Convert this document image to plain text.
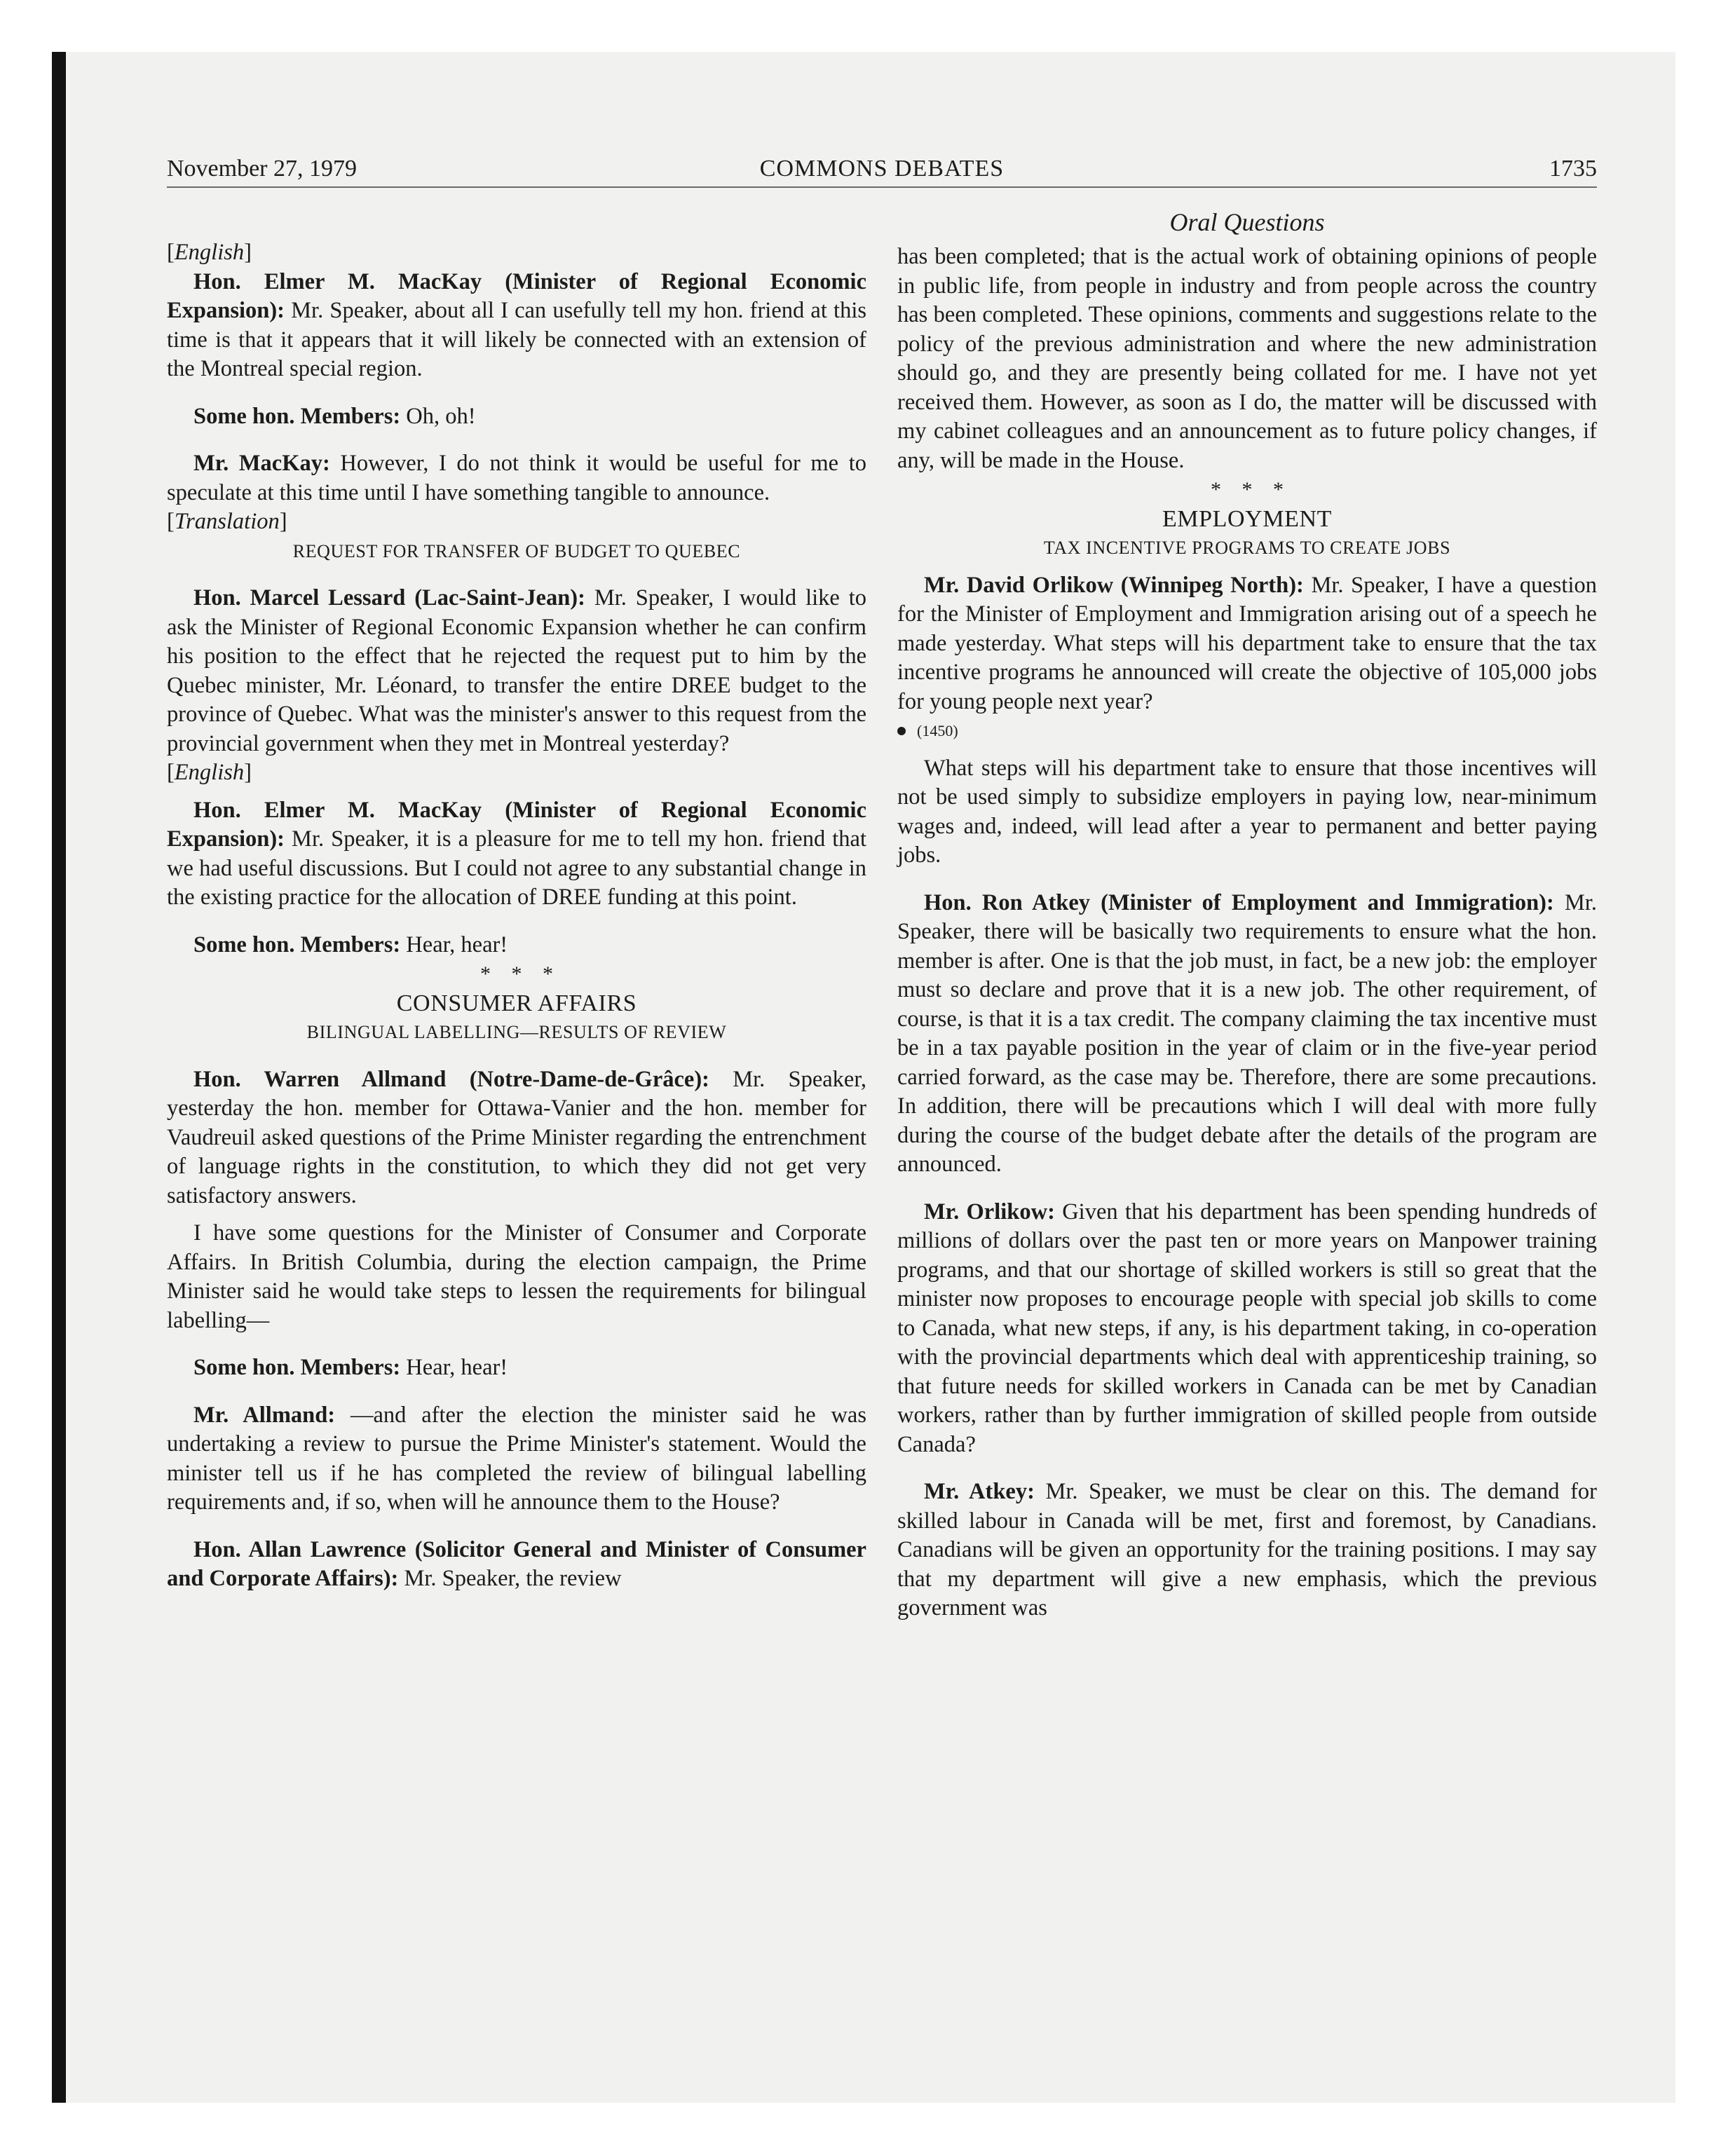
November 27, 1979	COMMONS DEBATES	1735
Oral Questions

[English]

Hon. Elmer M. MacKay (Minister of Regional Economic Expansion): Mr. Speaker, about all I can usefully tell my hon. friend at this time is that it appears that it will likely be connected with an extension of the Montreal special region.

Some hon. Members: Oh, oh!

Mr. MacKay: However, I do not think it would be useful for me to speculate at this time until I have something tangible to announce.

[Translation]

REQUEST FOR TRANSFER OF BUDGET TO QUEBEC

Hon. Marcel Lessard (Lac-Saint-Jean): Mr. Speaker, I would like to ask the Minister of Regional Economic Expansion whether he can confirm his position to the effect that he rejected the request put to him by the Quebec minister, Mr. Léonard, to transfer the entire DREE budget to the province of Quebec. What was the minister's answer to this request from the provincial government when they met in Montreal yesterday?

[English]

Hon. Elmer M. MacKay (Minister of Regional Economic Expansion): Mr. Speaker, it is a pleasure for me to tell my hon. friend that we had useful discussions. But I could not agree to any substantial change in the existing practice for the allocation of DREE funding at this point.

Some hon. Members: Hear, hear!

* * *

CONSUMER AFFAIRS

BILINGUAL LABELLING—RESULTS OF REVIEW

Hon. Warren Allmand (Notre-Dame-de-Grâce): Mr. Speaker, yesterday the hon. member for Ottawa-Vanier and the hon. member for Vaudreuil asked questions of the Prime Minister regarding the entrenchment of language rights in the constitution, to which they did not get very satisfactory answers.

I have some questions for the Minister of Consumer and Corporate Affairs. In British Columbia, during the election campaign, the Prime Minister said he would take steps to lessen the requirements for bilingual labelling—

Some hon. Members: Hear, hear!

Mr. Allmand: —and after the election the minister said he was undertaking a review to pursue the Prime Minister's statement. Would the minister tell us if he has completed the review of bilingual labelling requirements and, if so, when will he announce them to the House?

Hon. Allan Lawrence (Solicitor General and Minister of Consumer and Corporate Affairs): Mr. Speaker, the review

has been completed; that is the actual work of obtaining opinions of people in public life, from people in industry and from people across the country has been completed. These opinions, comments and suggestions relate to the policy of the previous administration and where the new administration should go, and they are presently being collated for me. I have not yet received them. However, as soon as I do, the matter will be discussed with my cabinet colleagues and an announcement as to future policy changes, if any, will be made in the House.

* * *

EMPLOYMENT

TAX INCENTIVE PROGRAMS TO CREATE JOBS

Mr. David Orlikow (Winnipeg North): Mr. Speaker, I have a question for the Minister of Employment and Immigration arising out of a speech he made yesterday. What steps will his department take to ensure that the tax incentive programs he announced will create the objective of 105,000 jobs for young people next year?

(1450)

What steps will his department take to ensure that those incentives will not be used simply to subsidize employers in paying low, near-minimum wages and, indeed, will lead after a year to permanent and better paying jobs.

Hon. Ron Atkey (Minister of Employment and Immigration): Mr. Speaker, there will be basically two requirements to ensure what the hon. member is after. One is that the job must, in fact, be a new job: the employer must so declare and prove that it is a new job. The other requirement, of course, is that it is a tax credit. The company claiming the tax incentive must be in a tax payable position in the year of claim or in the five-year period carried forward, as the case may be. Therefore, there are some precautions. In addition, there will be precautions which I will deal with more fully during the course of the budget debate after the details of the program are announced.

Mr. Orlikow: Given that his department has been spending hundreds of millions of dollars over the past ten or more years on Manpower training programs, and that our shortage of skilled workers is still so great that the minister now proposes to encourage people with special job skills to come to Canada, what new steps, if any, is his department taking, in co-operation with the provincial departments which deal with apprenticeship training, so that future needs for skilled workers in Canada can be met by Canadian workers, rather than by further immigration of skilled people from outside Canada?

Mr. Atkey: Mr. Speaker, we must be clear on this. The demand for skilled labour in Canada will be met, first and foremost, by Canadians. Canadians will be given an opportunity for the training positions. I may say that my department will give a new emphasis, which the previous government was
